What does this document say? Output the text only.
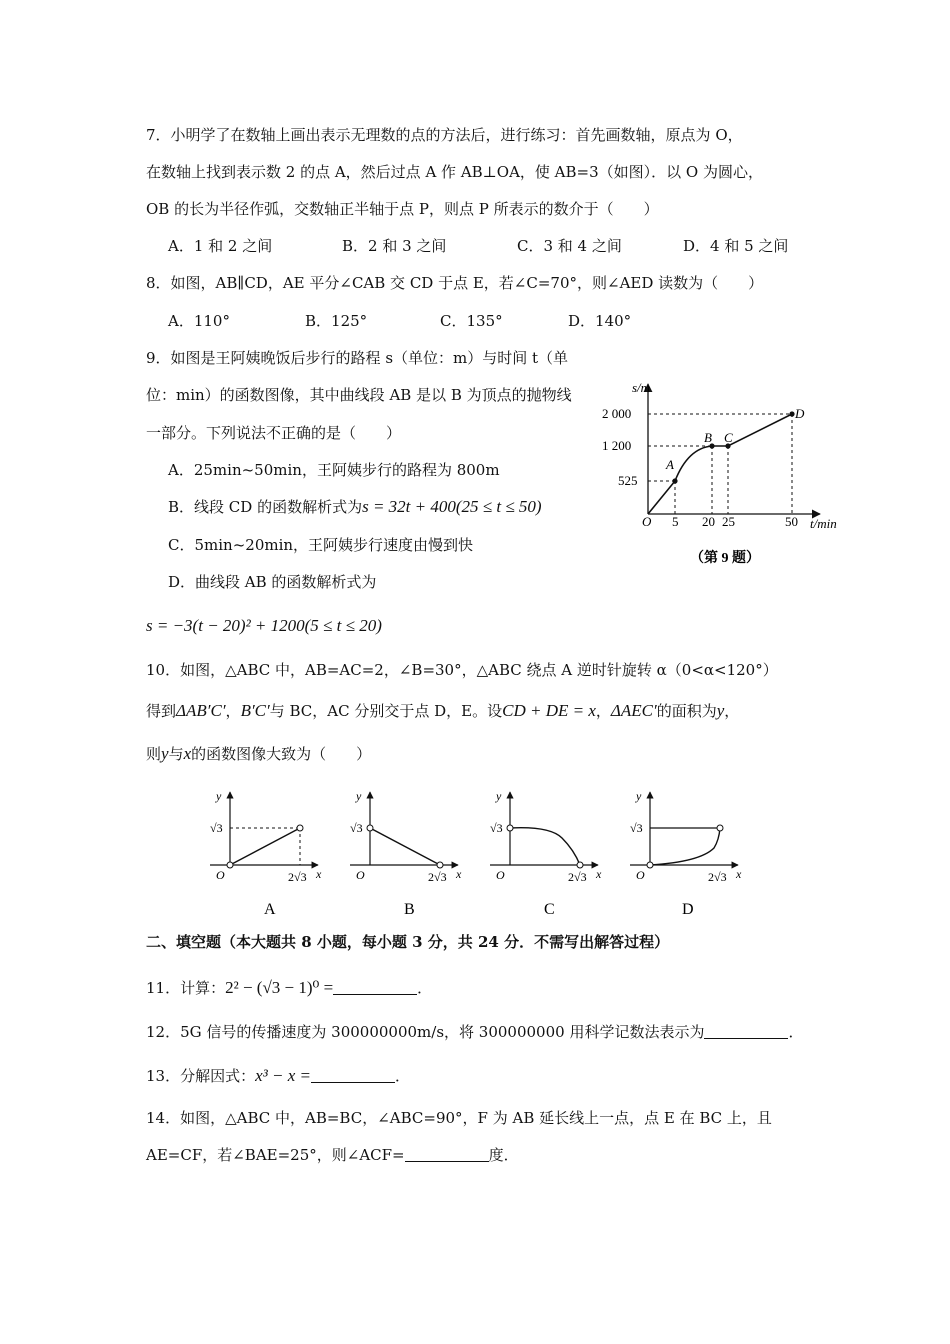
7．小明学了在数轴上画出表示无理数的点的方法后，进行练习：首先画数轴，原点为 O，
在数轴上找到表示数 2 的点 A，然后过点 A 作 AB⊥OA，使 AB=3（如图）．以 O 为圆心，
OB 的长为半径作弧，交数轴正半轴于点 P，则点 P 所表示的数介于（　　）
A．1 和 2 之间	B．2 和 3 之间	C．3 和 4 之间	D．4 和 5 之间
8．如图，AB∥CD，AE 平分∠CAB 交 CD 于点 E，若∠C=70°，则∠AED 读数为（　　）
A．110°	B．125°	C．135°	D．140°
9．如图是王阿姨晚饭后步行的路程 s（单位：m）与时间 t（单
位：min）的函数图像，其中曲线段 AB 是以 B 为顶点的抛物线
一部分。下列说法不正确的是（　　）
A．25min~50min，王阿姨步行的路程为 800m
B．线段 CD 的函数解析式为s = 32t + 400(25 ≤ t ≤ 50)
C．5min~20min，王阿姨步行速度由慢到快
D．曲线段 AB 的函数解析式为
s = −3(t − 20)² + 1200(5 ≤ t ≤ 20)
s/m
t/min
O
2 000
1 200
525
5 20 25	50
A
B C
D
（第 9 题）
10．如图，△ABC 中，AB=AC=2，∠B=30°，△ABC 绕点 A 逆时针旋转 α（0<α<120°）
得到ΔAB′C′，B′C′与 BC，AC 分别交于点 D，E。设CD + DE = x，ΔAEC′的面积为y，
则y与x的函数图像大致为（　　）
y
√3
O	2√3 x
A
y
√3
O	2√3 x
B
y
√3
O	2√3 x
C
y
√3
O	2√3 x
D
二、填空题（本大题共 8 小题，每小题 3 分，共 24 分．不需写出解答过程）
11．计算：2² − (√3 − 1)⁰ =	．
12．5G 信号的传播速度为 300000000m/s，将 300000000 用科学记数法表示为	．
13．分解因式：x³ − x =	．
14．如图，△ABC 中，AB=BC，∠ABC=90°，F 为 AB 延长线上一点，点 E 在 BC 上，且
AE=CF，若∠BAE=25°，则∠ACF=	度．
